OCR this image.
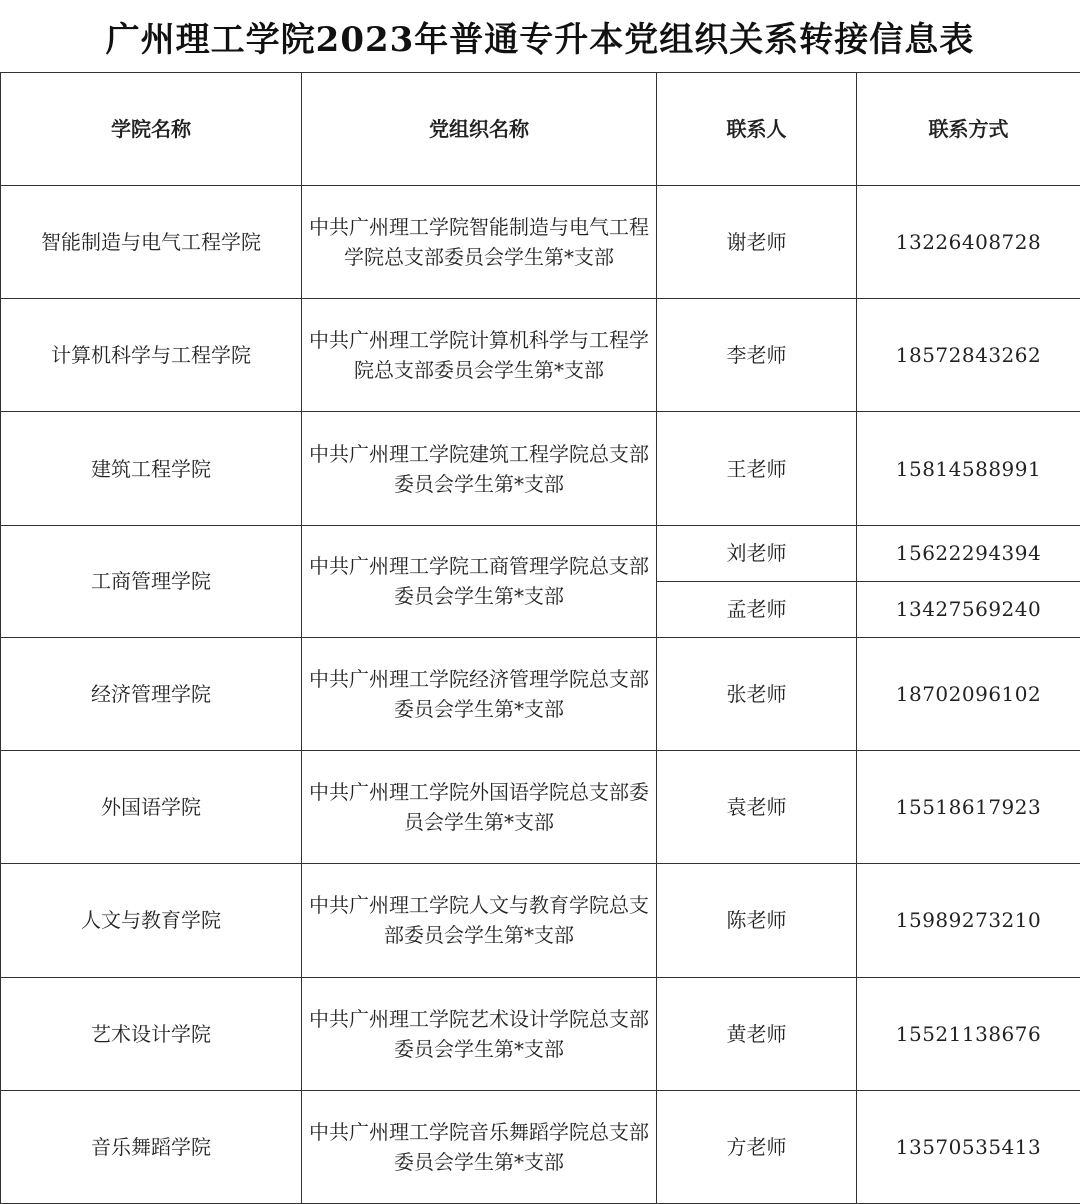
广州理工学院2023年普通专升本党组织关系转接信息表
学院名称	党组织名称	联系人	联系方式
智能制造与电气工程学院	中共广州理工学院智能制造与电气工程学院总支部委员会学生第*支部	谢老师	13226408728
计算机科学与工程学院	中共广州理工学院计算机科学与工程学院总支部委员会学生第*支部	李老师	18572843262
建筑工程学院	中共广州理工学院建筑工程学院总支部委员会学生第*支部	王老师	15814588991
工商管理学院	中共广州理工学院工商管理学院总支部委员会学生第*支部	刘老师	15622294394
		孟老师	13427569240
经济管理学院	中共广州理工学院经济管理学院总支部委员会学生第*支部	张老师	18702096102
外国语学院	中共广州理工学院外国语学院总支部委员会学生第*支部	袁老师	15518617923
人文与教育学院	中共广州理工学院人文与教育学院总支部委员会学生第*支部	陈老师	15989273210
艺术设计学院	中共广州理工学院艺术设计学院总支部委员会学生第*支部	黄老师	15521138676
音乐舞蹈学院	中共广州理工学院音乐舞蹈学院总支部委员会学生第*支部	方老师	13570535413
